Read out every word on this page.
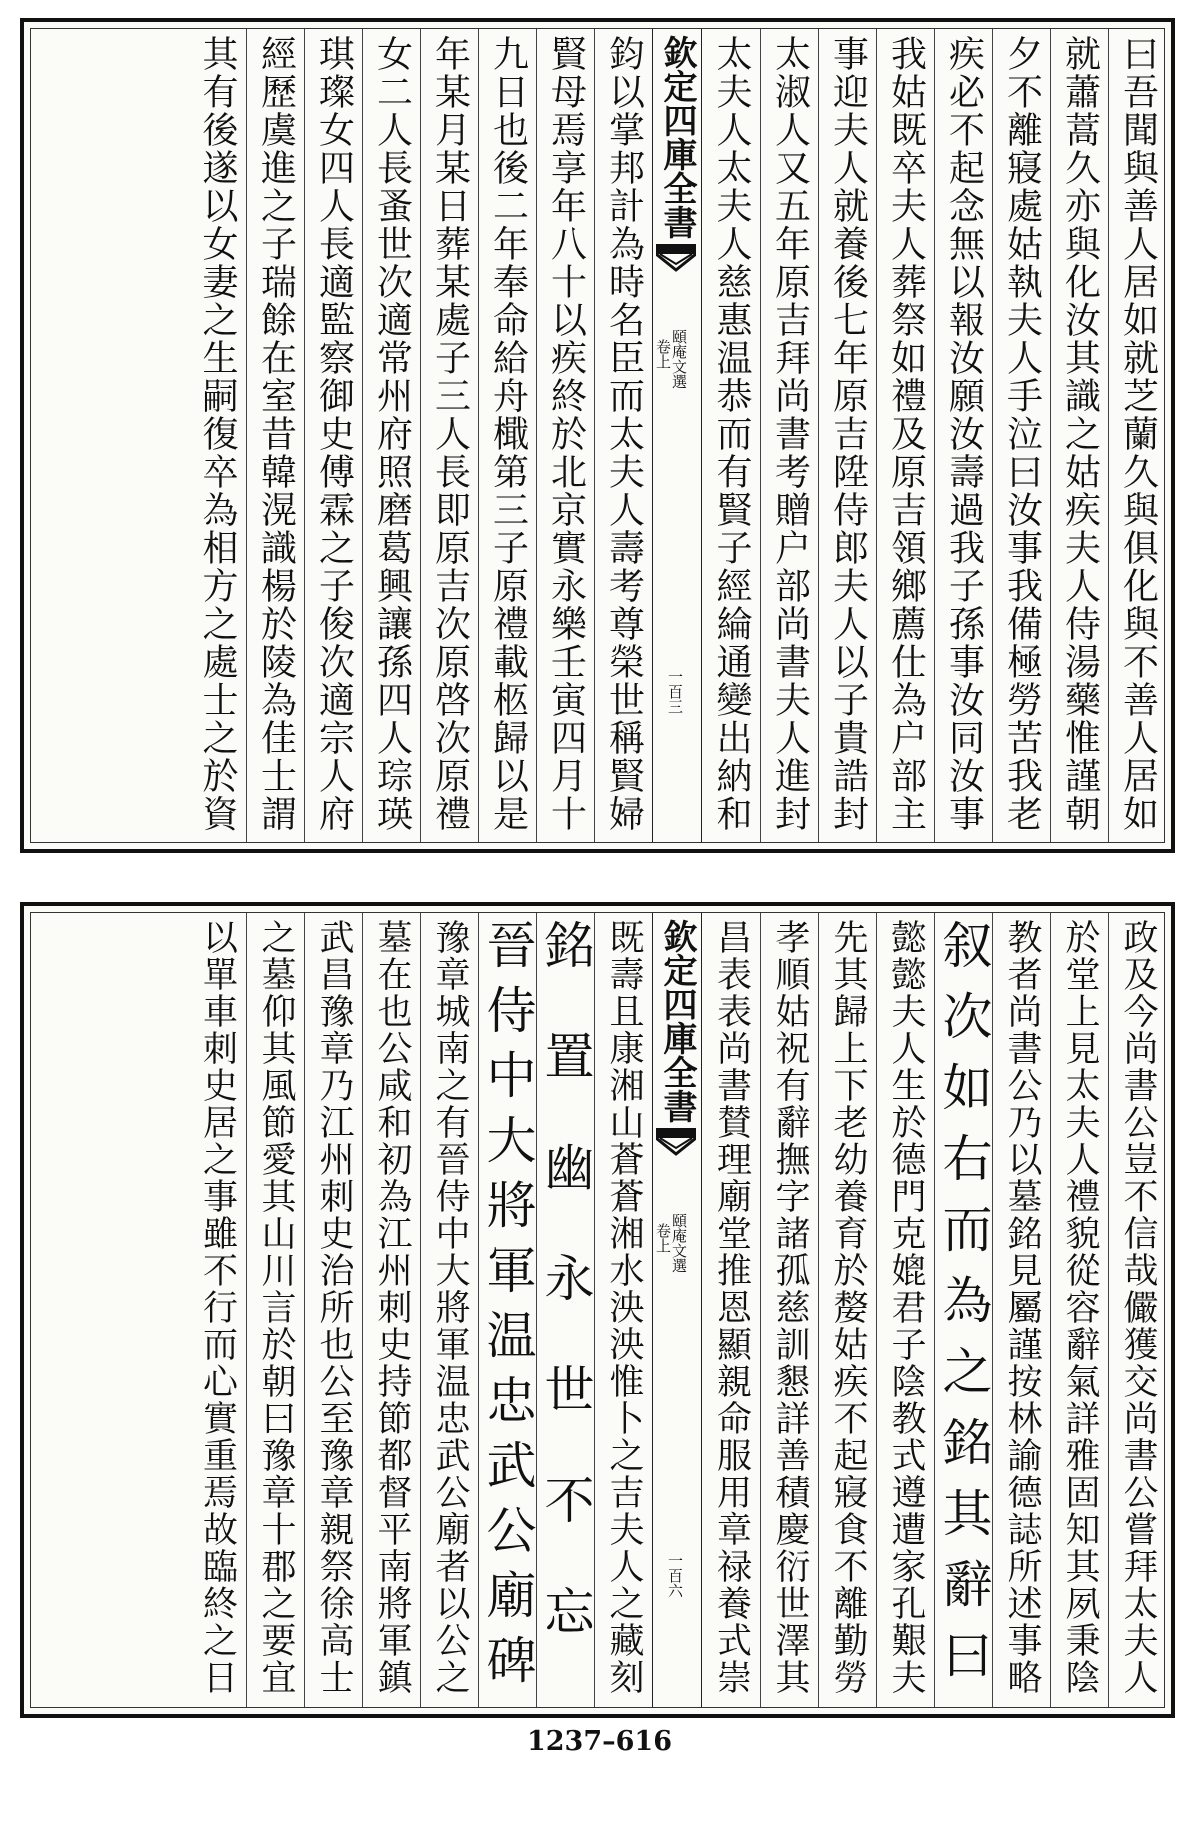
曰吾聞與善人居如就芝蘭久與俱化與不善人居如
就蕭蒿久亦與化汝其識之姑疾夫人侍湯藥惟謹朝
夕不離寢處姑執夫人手泣曰汝事我備極勞苦我老
疾必不起念無以報汝願汝壽過我子孫事汝同汝事
我姑既卒夫人葬祭如禮及原吉領鄉薦仕為户部主
事迎夫人就養後七年原吉陞侍郎夫人以子貴誥封
太淑人又五年原吉拜尚書考贈户部尚書夫人進封
太夫人太夫人慈惠温恭而有賢子經綸通變出納和
鈞以掌邦計為時名臣而太夫人壽考尊榮世稱賢婦
賢母焉享年八十以疾終於北京實永樂壬寅四月十
九日也後二年奉命給舟檝第三子原禮載柩歸以是
年某月某日葬某處子三人長即原吉次原啓次原禮
女二人長蚤世次適常州府照磨葛興讓孫四人琮瑛
琪璨女四人長適監察御史傅霖之子俊次適宗人府
經歷虞進之子瑞餘在室昔韓滉識楊於陵為佳士謂
其有後遂以女妻之生嗣復卒為相方之處士之於資	欽定四庫全書
頤庵文選
卷上
一百三
政及今尚書公豈不信哉儼獲交尚書公嘗拜太夫人
於堂上見太夫人禮貌從容辭氣詳雅固知其夙秉陰
教者尚書公乃以墓銘見屬謹按林諭德誌所述事略
叙次如右而為之銘其辭曰
懿懿夫人生於德門克媲君子陰教式遵遭家孔艱夫
先其歸上下老幼養育於嫠姑疾不起寢食不離勤勞
孝順姑祝有辭撫字諸孤慈訓懇詳善積慶衍世澤其
昌表表尚書賛理廟堂推恩顯親命服用章禄養式崇
既壽且康湘山蒼蒼湘水泱泱惟卜之吉夫人之藏刻
銘置幽永世不忘
晉侍中大將軍温忠武公廟碑
豫章城南之有晉侍中大將軍温忠武公廟者以公之
墓在也公咸和初為江州刺史持節都督平南將軍鎮
武昌豫章乃江州刺史治所也公至豫章親祭徐高士
之墓仰其風節愛其山川言於朝曰豫章十郡之要宜
以單車刺史居之事雖不行而心實重焉故臨終之日	欽定四庫全書
頤庵文選
卷上
一百六
1237–616
